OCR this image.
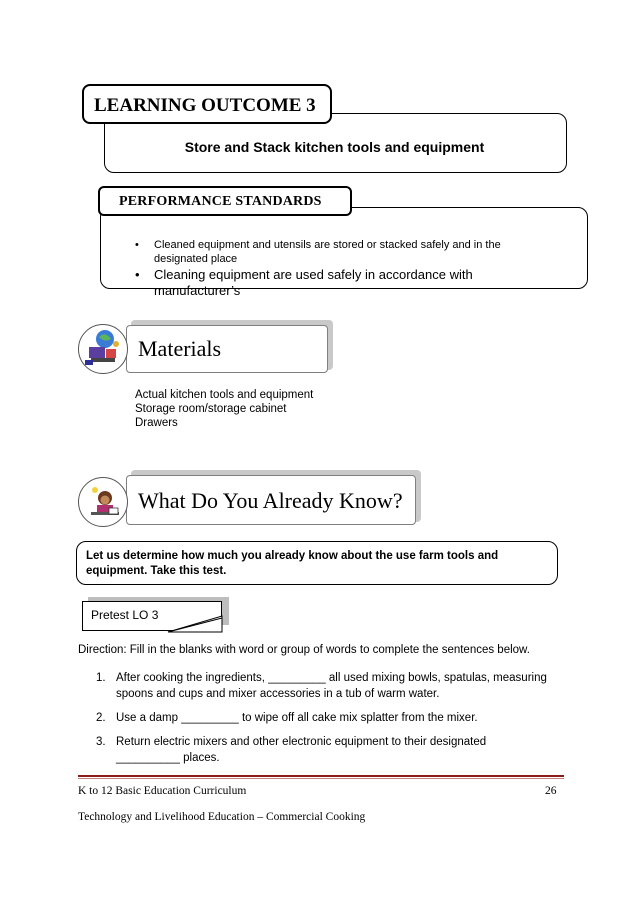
LEARNING OUTCOME 3
Store and Stack kitchen tools and equipment
• Cleaned equipment and utensils are stored or stacked safely and in the
designated place
• Cleaning equipment are used safely in accordance with manufacturer’s
PERFORMANCE STANDARDS
Materials
Actual kitchen tools and equipment
Storage room/storage cabinet
Drawers
What Do You Already Know?
Let us determine how much you already know about the use farm tools and
equipment. Take this test.
Pretest LO 3
Direction: Fill in the blanks with word or group of words to complete the sentences below.
1. After cooking the ingredients, _________ all used mixing bowls, spatulas, measuring
spoons and cups and mixer accessories in a tub of warm water.
2. Use a damp _________ to wipe off all cake mix splatter from the mixer.
3. Return electric mixers and other electronic equipment to their designated
__________ places.
K to 12 Basic Education Curriculum	26
Technology and Livelihood Education – Commercial Cooking
